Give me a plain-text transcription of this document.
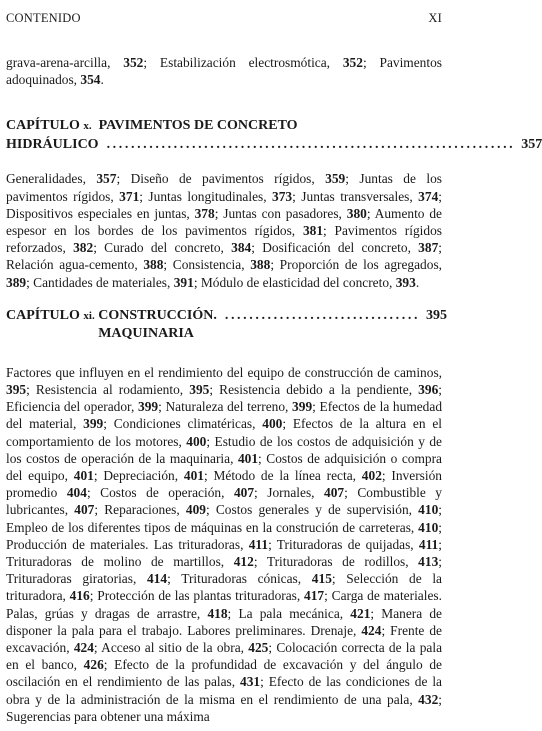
CONTENIDO	XI

grava-arena-arcilla, 352; Estabilización electrosmótica, 352; Pavimentos adoquinados, 354.

CAPÍTULO x. PAVIMENTOS DE CONCRETO
HIDRÁULICO ................................................................... 357

Generalidades, 357; Diseño de pavimentos rígidos, 359; Juntas de los pavimentos rígidos, 371; Juntas longitudinales, 373; Juntas transversales, 374; Dispositivos especiales en juntas, 378; Juntas con pasadores, 380; Aumento de espesor en los bordes de los pavimentos rígidos, 381; Pavimentos rígidos reforzados, 382; Curado del concreto, 384; Dosificación del concreto, 387; Relación agua-cemento, 388; Consistencia, 388; Proporción de los agregados, 389; Cantidades de materiales, 391; Módulo de elasticidad del concreto, 393.

CAPÍTULO
xi.
CONSTRUCCIÓN. MAQUINARIA
................................ 395

Factores que influyen en el rendimiento del equipo de construcción de caminos, 395; Resistencia al rodamiento, 395; Resistencia debido a la pendiente, 396; Eficiencia del operador, 399; Naturaleza del terreno, 399; Efectos de la humedad del material, 399; Condiciones climatéricas, 400; Efectos de la altura en el comportamiento de los motores, 400; Estudio de los costos de adquisición y de los costos de operación de la maquinaria, 401; Costos de adquisición o compra del equipo, 401; Depreciación, 401; Método de la línea recta, 402; Inversión promedio 404; Costos de operación, 407; Jornales, 407; Combustible y lubricantes, 407; Reparaciones, 409; Costos generales y de supervisión, 410; Empleo de los diferentes tipos de máquinas en la construción de carreteras, 410; Producción de materiales. Las trituradoras, 411; Trituradoras de quijadas, 411; Trituradoras de molino de martillos, 412; Trituradoras de rodillos, 413; Trituradoras giratorias, 414; Trituradoras cónicas, 415; Selección de la trituradora, 416; Protección de las plantas trituradoras, 417; Carga de materiales. Palas, grúas y dragas de arrastre, 418; La pala mecánica, 421; Manera de disponer la pala para el trabajo. Labores preliminares. Drenaje, 424; Frente de excavación, 424; Acceso al sitio de la obra, 425; Colocación correcta de la pala en el banco, 426; Efecto de la profundidad de excavación y del ángulo de oscilación en el rendimiento de las palas, 431; Efecto de las condiciones de la obra y de la administración de la misma en el rendimiento de una pala, 432; Sugerencias para obtener una máxima
